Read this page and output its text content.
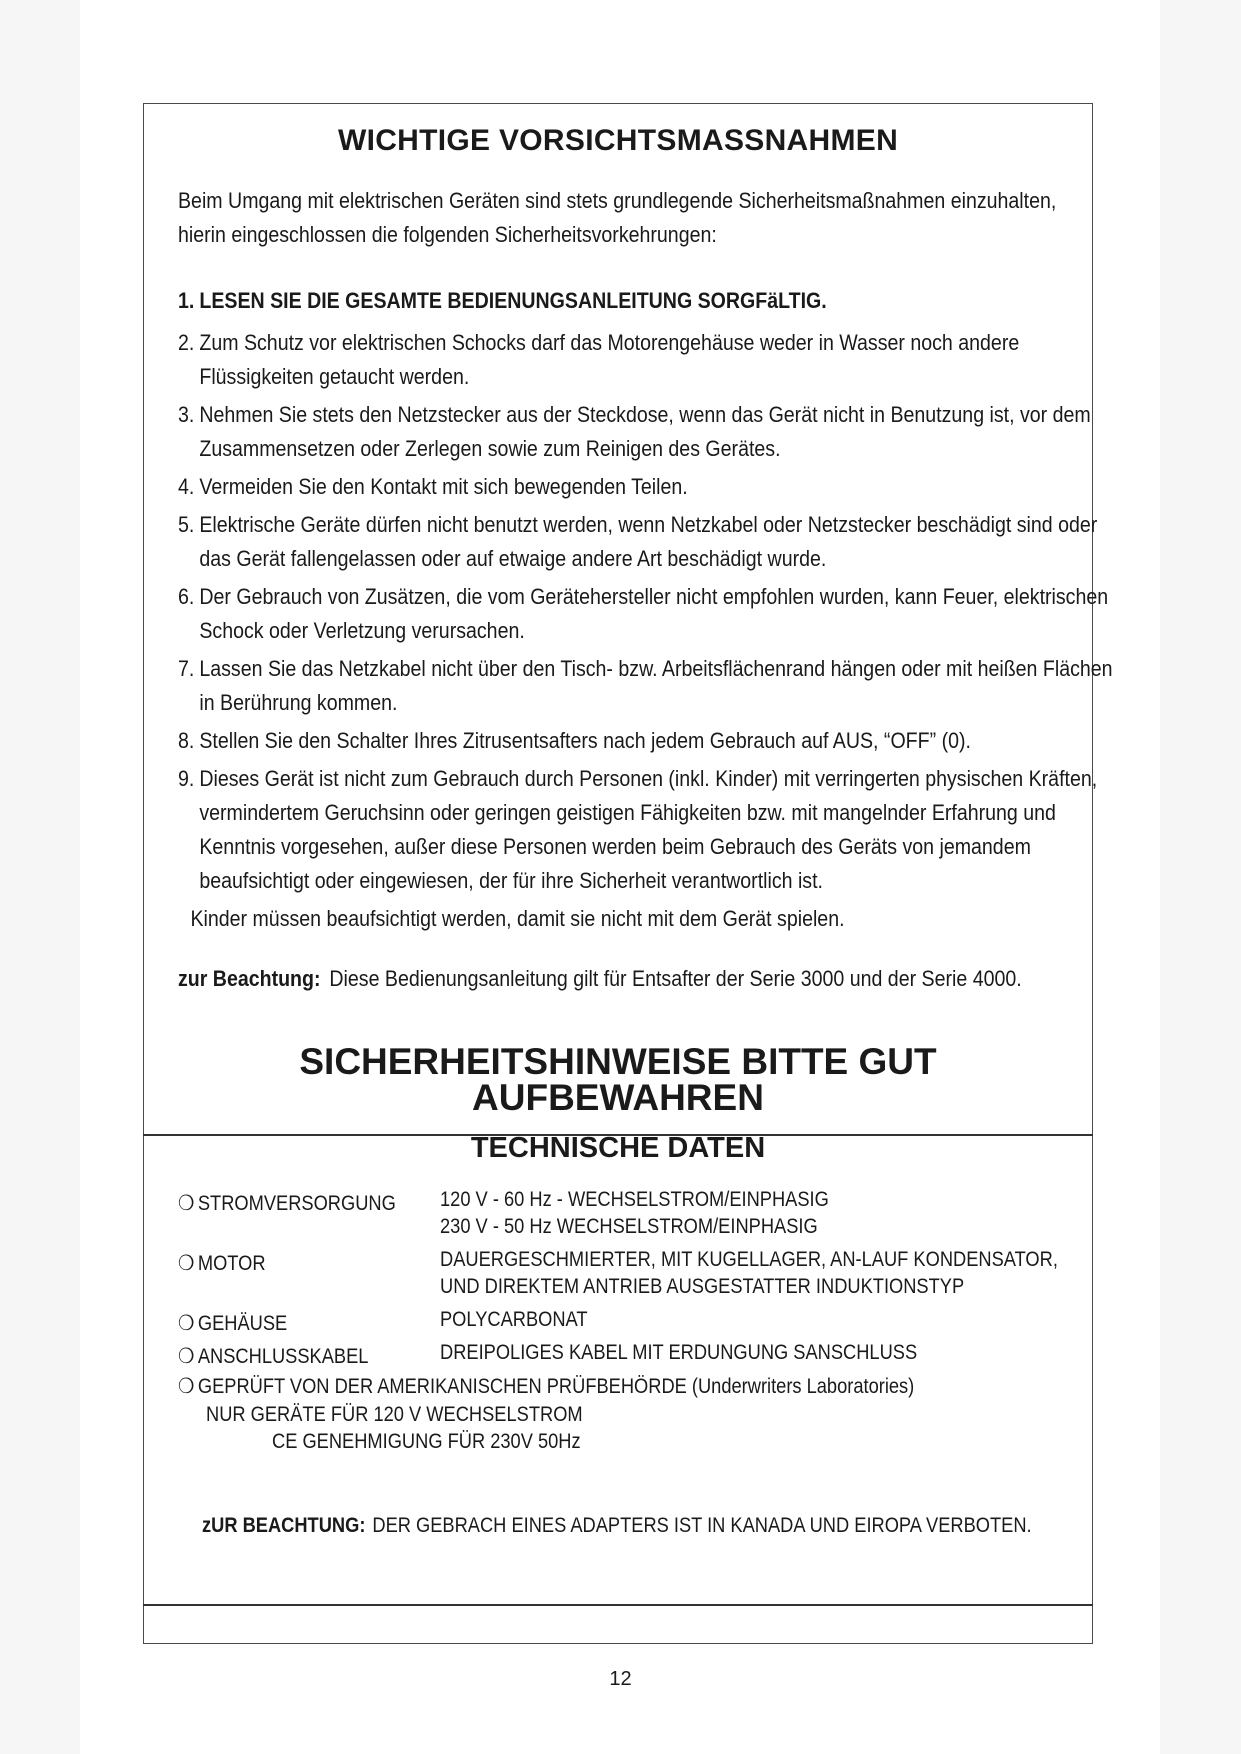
WICHTIGE VORSICHTSMASSNAHMEN
Beim Umgang mit elektrischen Geräten sind stets grundlegende Sicherheitsmaßnahmen einzuhalten, hierin eingeschlossen die folgenden Sicherheitsvorkehrungen:
1. LESEN SIE DIE GESAMTE BEDIENUNGSANLEITUNG SORGFäLTIG.
2. Zum Schutz vor elektrischen Schocks darf das Motorengehäuse weder in Wasser noch andere Flüssigkeiten getaucht werden.
3. Nehmen Sie stets den Netzstecker aus der Steckdose, wenn das Gerät nicht in Benutzung ist, vor dem Zusammensetzen oder Zerlegen sowie zum Reinigen des Gerätes.
4. Vermeiden Sie den Kontakt mit sich bewegenden Teilen.
5. Elektrische Geräte dürfen nicht benutzt werden, wenn Netzkabel oder Netzstecker beschädigt sind oder das Gerät fallengelassen oder auf etwaige andere Art beschädigt wurde.
6. Der Gebrauch von Zusätzen, die vom Gerätehersteller nicht empfohlen wurden, kann Feuer, elektrischen Schock oder Verletzung verursachen.
7. Lassen Sie das Netzkabel nicht über den Tisch- bzw. Arbeitsflächenrand hängen oder mit heißen Flächen in Berührung kommen.
8. Stellen Sie den Schalter Ihres Zitrusentsafters nach jedem Gebrauch auf AUS, “OFF” (0).
9. Dieses Gerät ist nicht zum Gebrauch durch Personen (inkl. Kinder) mit verringerten physischen Kräften, vermindertem Geruchsinn oder geringen geistigen Fähigkeiten bzw. mit mangelnder Erfahrung und Kenntnis vorgesehen, außer diese Personen werden beim Gebrauch des Geräts von jemandem beaufsichtigt oder eingewiesen, der für ihre Sicherheit verantwortlich ist.
Kinder müssen beaufsichtigt werden, damit sie nicht mit dem Gerät spielen.
zur Beachtung: Diese Bedienungsanleitung gilt für Entsafter der Serie 3000 und der Serie 4000.
SICHERHEITSHINWEISE BITTE GUT
AUFBEWAHREN
TECHNISCHE DATEN
❍ STROMVERSORGUNG 120 V - 60 Hz - WECHSELSTROM/EINPHASIG
230 V - 50 Hz WECHSELSTROM/EINPHASIG
❍ MOTOR	DAUERGESCHMIERTER, MIT KUGELLAGER, AN-LAUF KONDENSATOR,
UND DIREKTEM ANTRIEB AUSGESTATTER INDUKTIONSTYP
❍ GEHÄUSE	POLYCARBONAT
❍ ANSCHLUSSKABEL	DREIPOLIGES KABEL MIT ERDUNGUNG SANSCHLUSS
❍ GEPRÜFT VON DER AMERIKANISCHEN PRÜFBEHÖRDE (Underwriters Laboratories)
NUR GERÄTE FÜR 120 V WECHSELSTROM
CE GENEHMIGUNG FÜR 230V 50Hz
zUR BEACHTUNG: DER GEBRACH EINES ADAPTERS IST IN KANADA UND EIROPA VERBOTEN.
12
